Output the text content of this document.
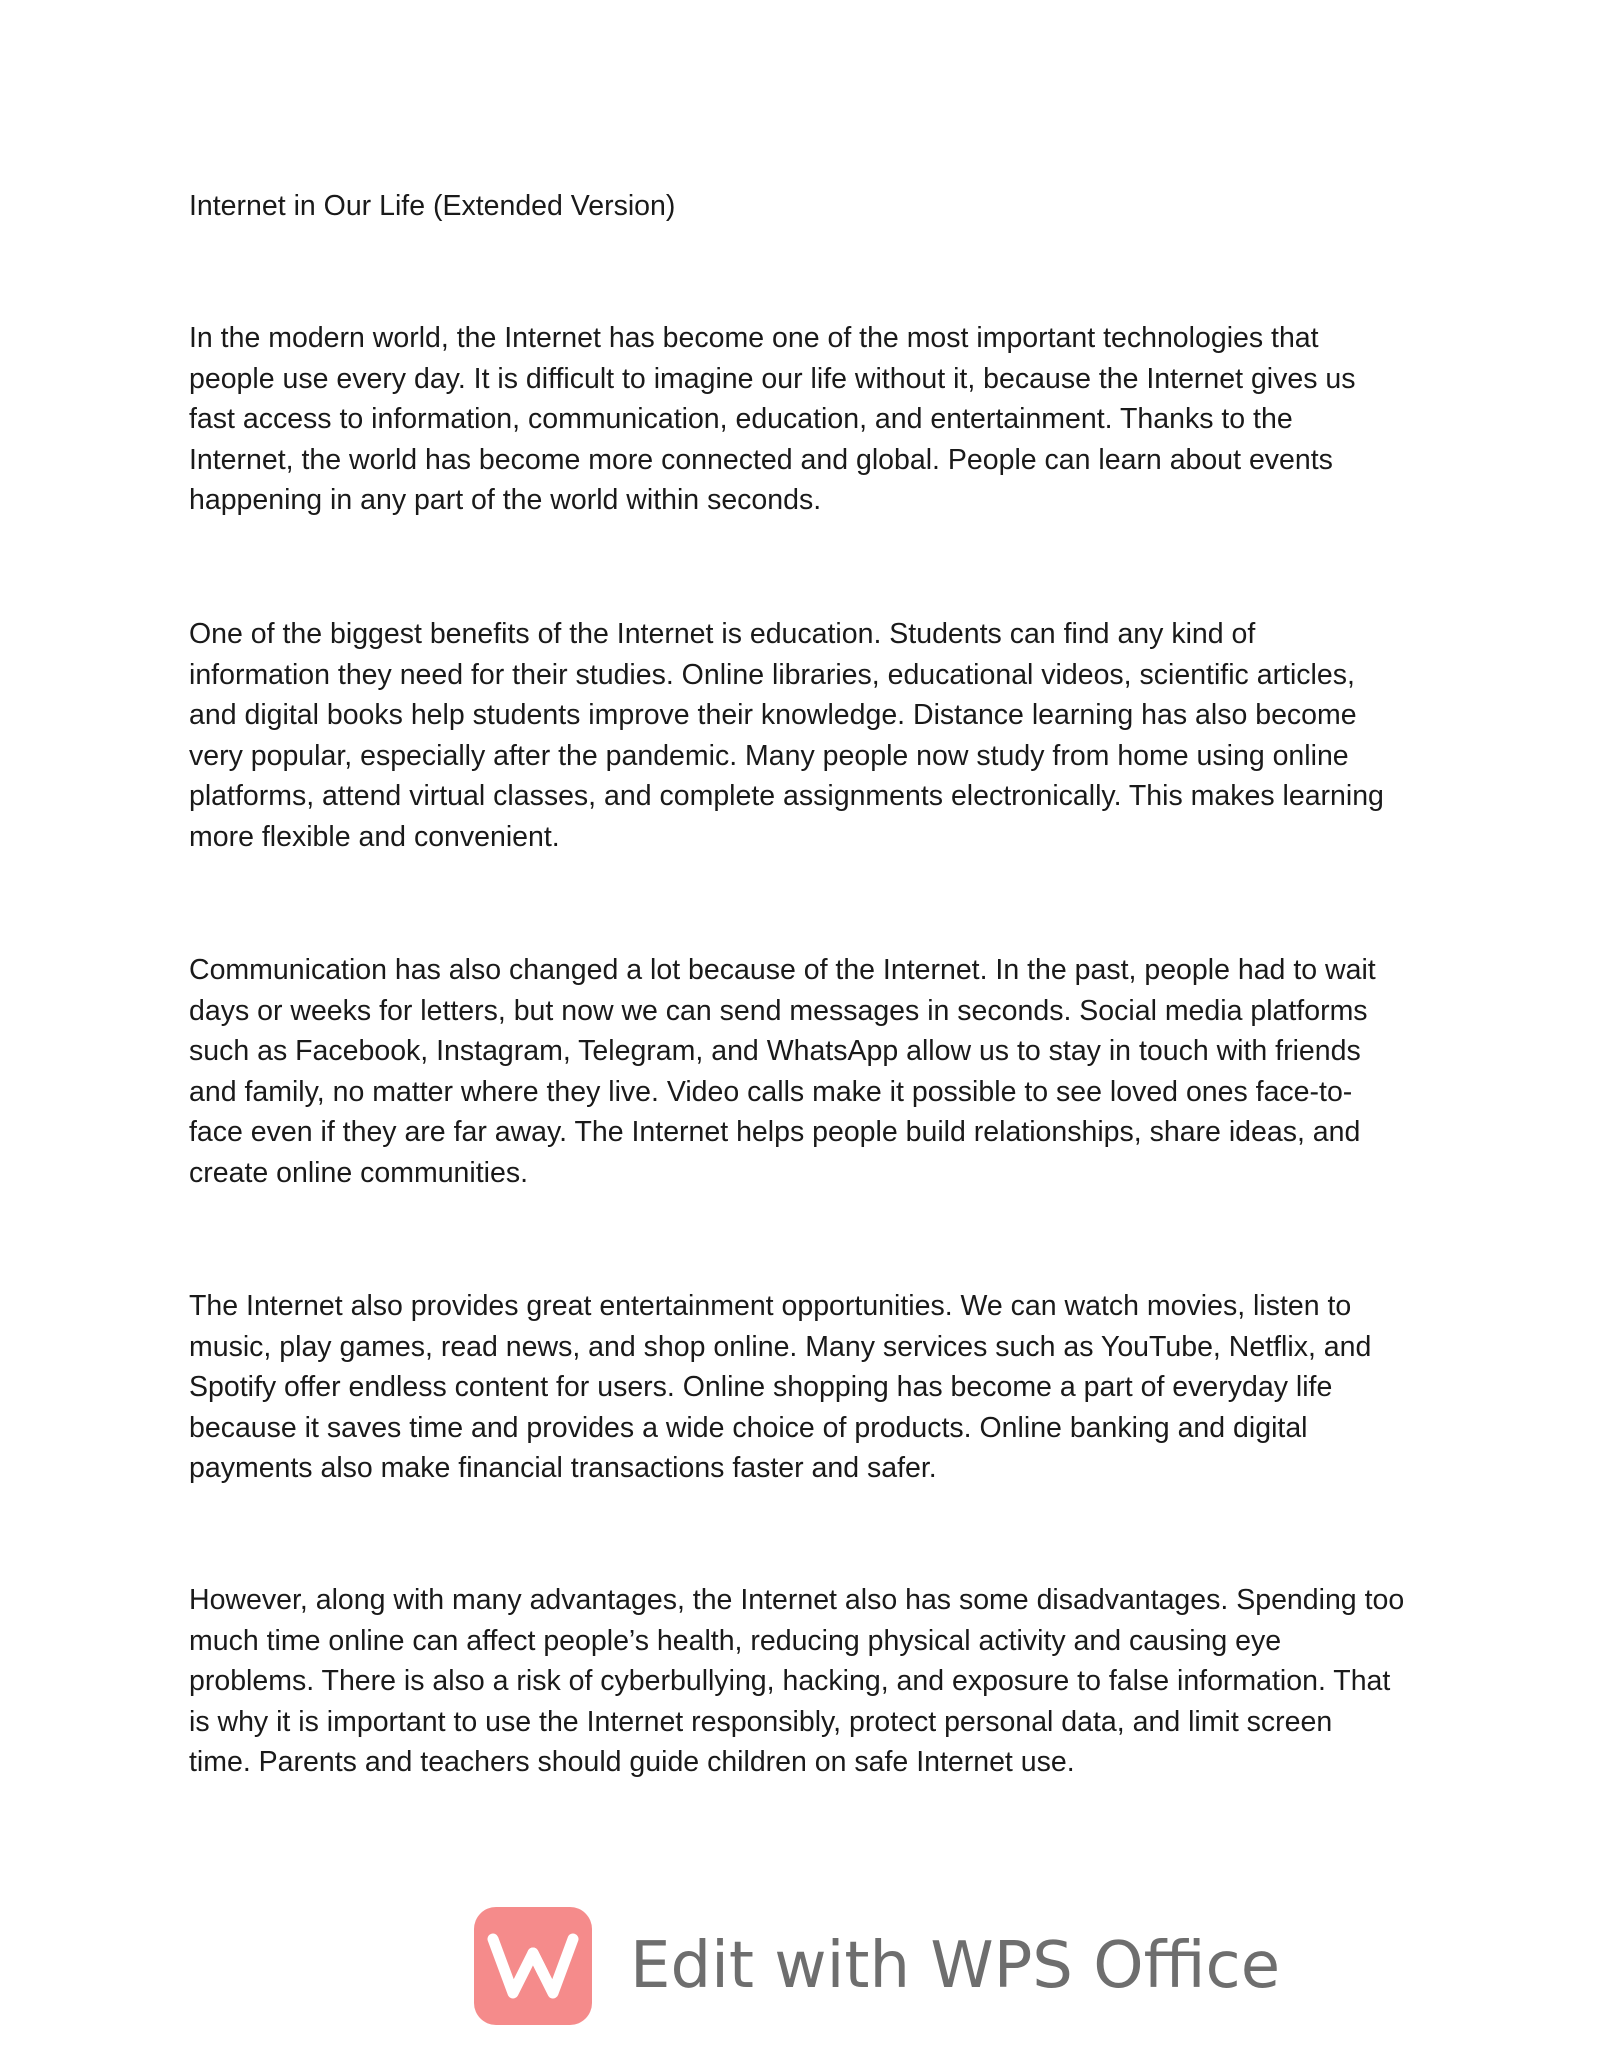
Internet in Our Life (Extended Version)

In the modern world, the Internet has become one of the most important technologies that
people use every day. It is difficult to imagine our life without it, because the Internet gives us
fast access to information, communication, education, and entertainment. Thanks to the
Internet, the world has become more connected and global. People can learn about events
happening in any part of the world within seconds.

One of the biggest benefits of the Internet is education. Students can find any kind of
information they need for their studies. Online libraries, educational videos, scientific articles,
and digital books help students improve their knowledge. Distance learning has also become
very popular, especially after the pandemic. Many people now study from home using online
platforms, attend virtual classes, and complete assignments electronically. This makes learning
more flexible and convenient.

Communication has also changed a lot because of the Internet. In the past, people had to wait
days or weeks for letters, but now we can send messages in seconds. Social media platforms
such as Facebook, Instagram, Telegram, and WhatsApp allow us to stay in touch with friends
and family, no matter where they live. Video calls make it possible to see loved ones face-to-
face even if they are far away. The Internet helps people build relationships, share ideas, and
create online communities.

The Internet also provides great entertainment opportunities. We can watch movies, listen to
music, play games, read news, and shop online. Many services such as YouTube, Netflix, and
Spotify offer endless content for users. Online shopping has become a part of everyday life
because it saves time and provides a wide choice of products. Online banking and digital
payments also make financial transactions faster and safer.

However, along with many advantages, the Internet also has some disadvantages. Spending too
much time online can affect people’s health, reducing physical activity and causing eye
problems. There is also a risk of cyberbullying, hacking, and exposure to false information. That
is why it is important to use the Internet responsibly, protect personal data, and limit screen
time. Parents and teachers should guide children on safe Internet use.

Edit with WPS Office
